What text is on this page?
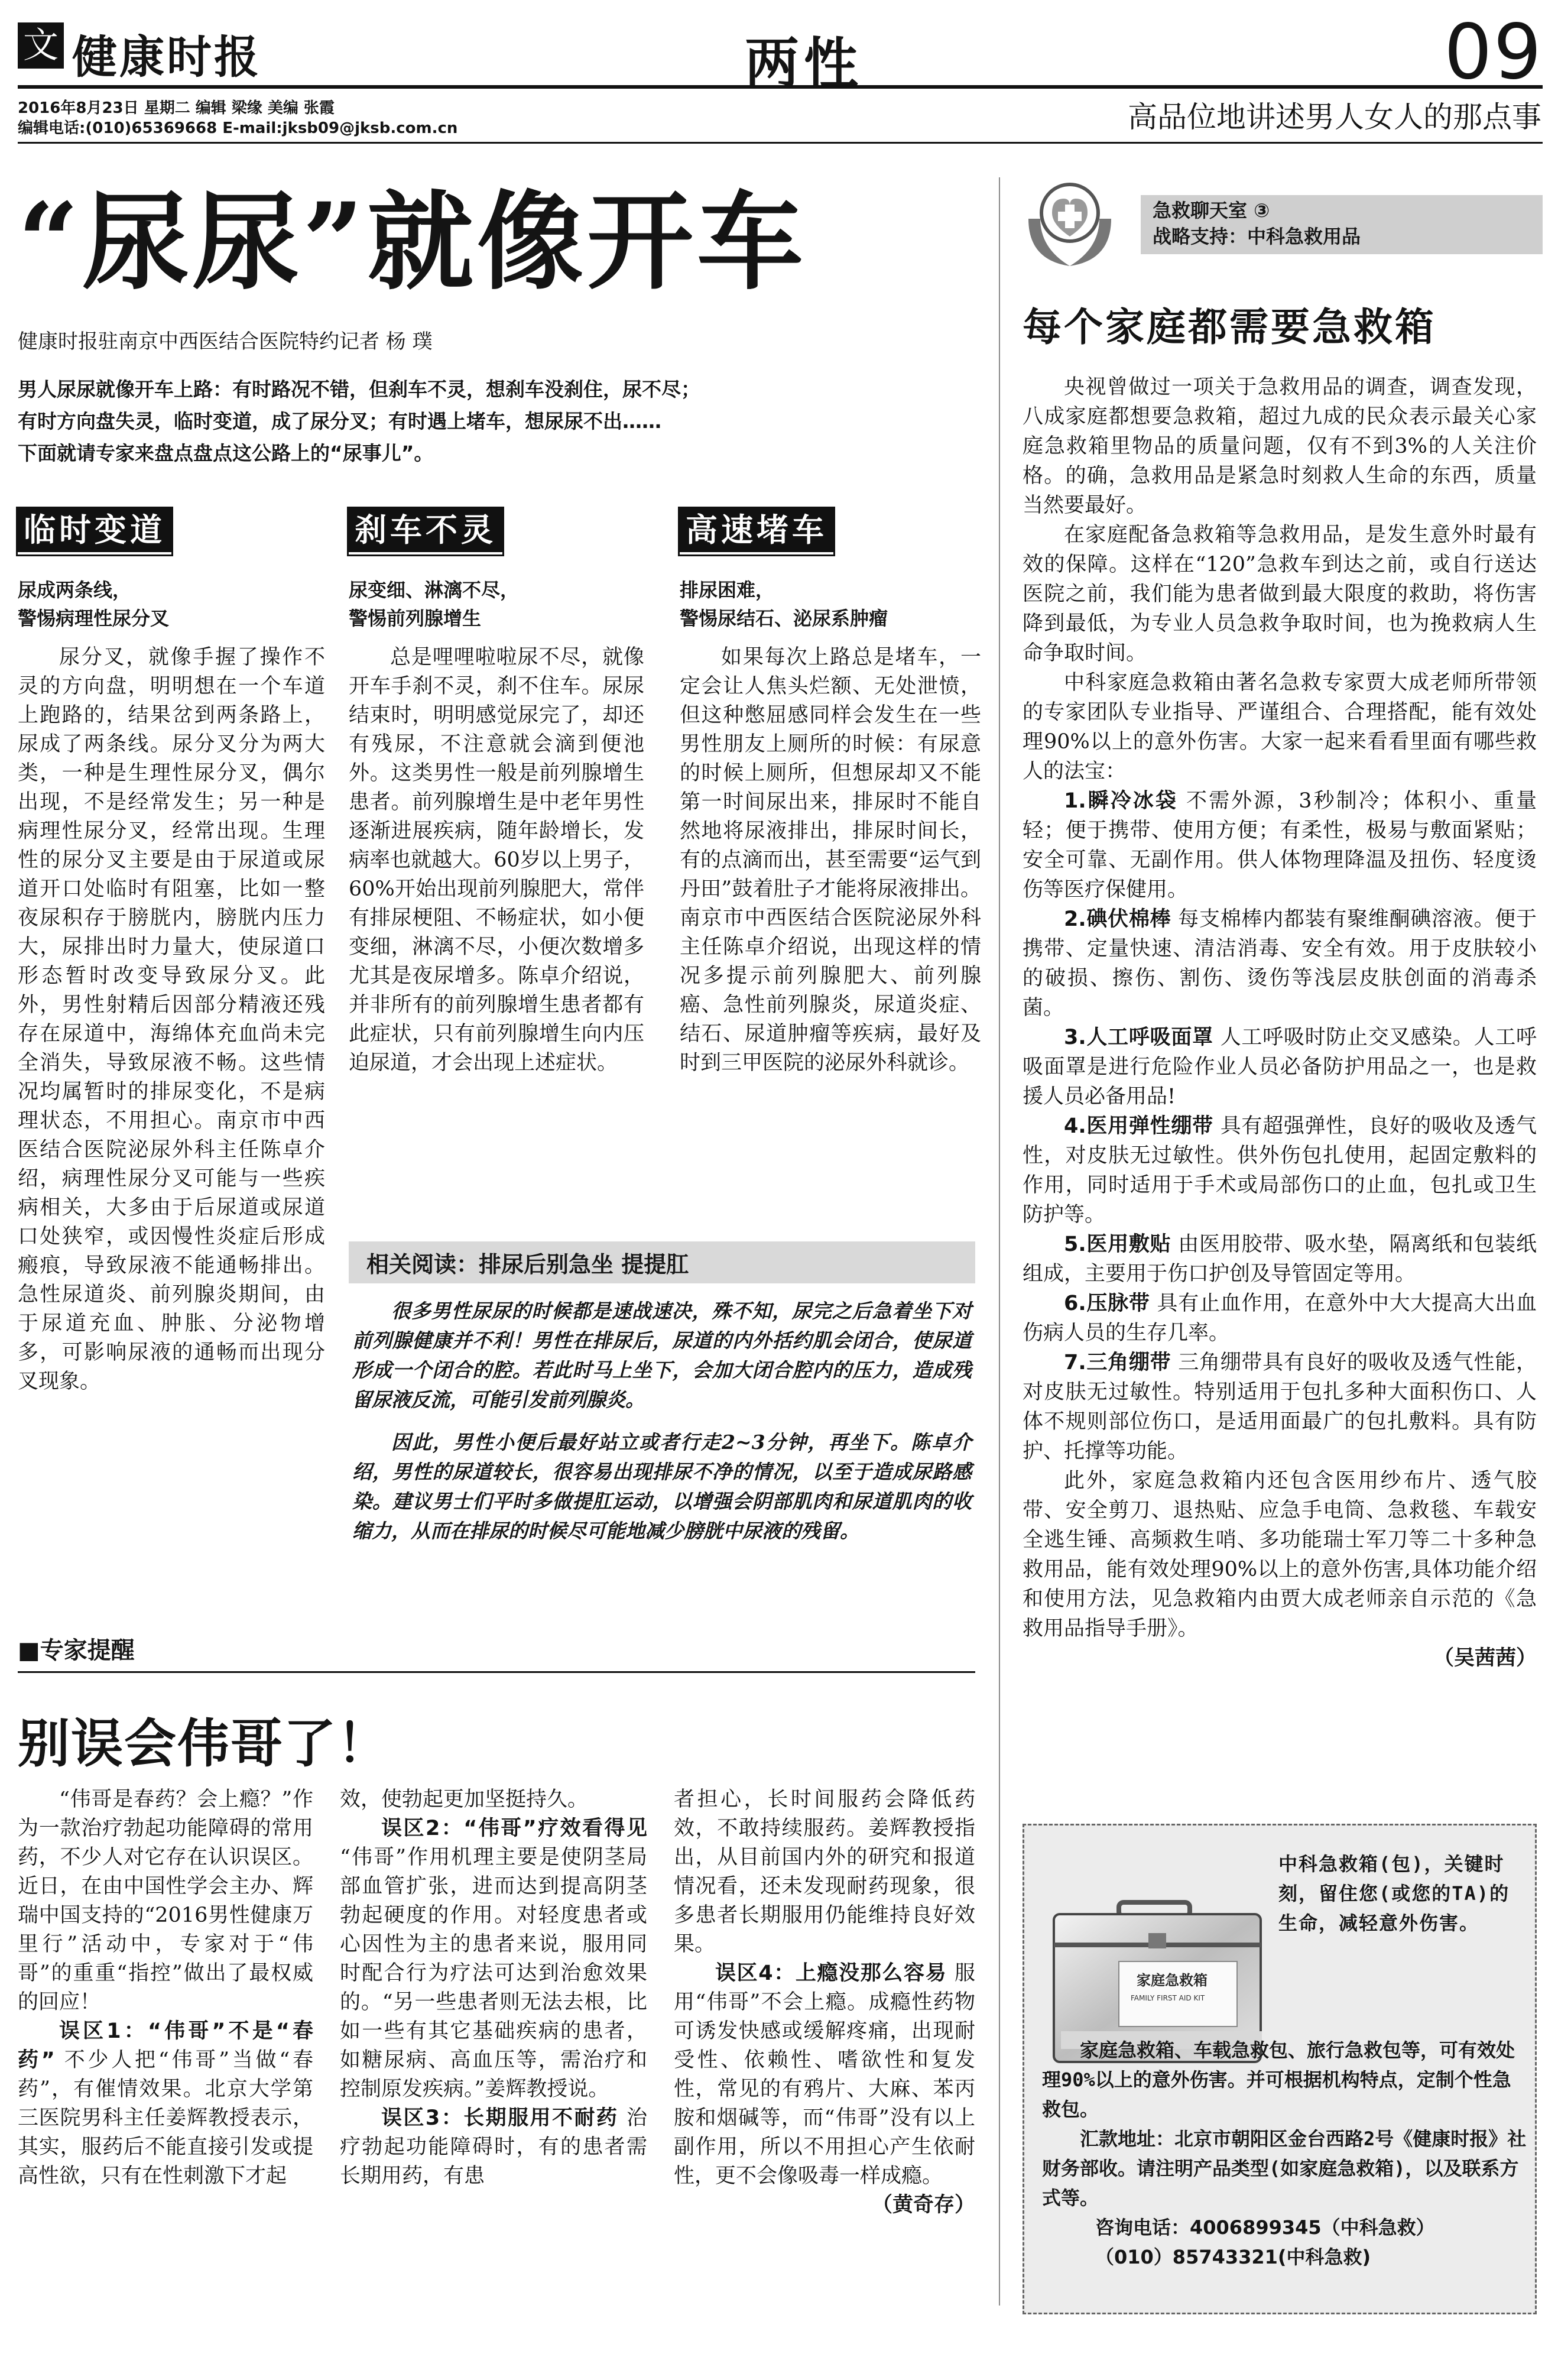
文 健康时报	两性	09
2016年8月23日 星期二 编辑 梁缘 美编 张霞
编辑电话:(010)65369668 E-mail:jksb09@jksb.com.cn	高品位地讲述男人女人的那点事
“尿尿”就像开车
健康时报驻南京中西医结合医院特约记者 杨 璞
男人尿尿就像开车上路：有时路况不错，但刹车不灵，想刹车没刹住，尿不尽；
有时方向盘失灵，临时变道，成了尿分叉；有时遇上堵车，想尿尿不出……
下面就请专家来盘点盘点这公路上的“尿事儿”。
临时变道
尿成两条线，
警惕病理性尿分叉

尿分叉，就像手握了操作不灵的方向盘，明明想在一个车道上跑路的，结果岔到两条路上，尿成了两条线。尿分叉分为两大类，一种是生理性尿分叉，偶尔出现，不是经常发生；另一种是病理性尿分叉，经常出现。生理性的尿分叉主要是由于尿道或尿道开口处临时有阻塞，比如一整夜尿积存于膀胱内，膀胱内压力大，尿排出时力量大，使尿道口形态暂时改变导致尿分叉。此外，男性射精后因部分精液还残存在尿道中，海绵体充血尚未完全消失，导致尿液不畅。这些情况均属暂时的排尿变化，不是病理状态，不用担心。南京市中西医结合医院泌尿外科主任陈卓介绍，病理性尿分叉可能与一些疾病相关，大多由于后尿道或尿道口处狭窄，或因慢性炎症后形成瘢痕，导致尿液不能通畅排出。急性尿道炎、前列腺炎期间，由于尿道充血、肿胀、分泌物增多，可影响尿液的通畅而出现分叉现象。

刹车不灵
尿变细、淋漓不尽，
警惕前列腺增生

总是哩哩啦啦尿不尽，就像开车手刹不灵，刹不住车。尿尿结束时，明明感觉尿完了，却还有残尿，不注意就会滴到便池外。这类男性一般是前列腺增生患者。前列腺增生是中老年男性逐渐进展疾病，随年龄增长，发病率也就越大。60岁以上男子，60%开始出现前列腺肥大，常伴有排尿梗阻、不畅症状，如小便变细，淋漓不尽，小便次数增多尤其是夜尿增多。陈卓介绍说，并非所有的前列腺增生患者都有此症状，只有前列腺增生向内压迫尿道，才会出现上述症状。

高速堵车
排尿困难，
警惕尿结石、泌尿系肿瘤

如果每次上路总是堵车，一定会让人焦头烂额、无处泄愤，但这种憋屈感同样会发生在一些男性朋友上厕所的时候：有尿意的时候上厕所，但想尿却又不能第一时间尿出来，排尿时不能自然地将尿液排出，排尿时间长，有的点滴而出，甚至需要“运气到丹田”鼓着肚子才能将尿液排出。南京市中西医结合医院泌尿外科主任陈卓介绍说，出现这样的情况多提示前列腺肥大、前列腺癌、急性前列腺炎，尿道炎症、结石、尿道肿瘤等疾病，最好及时到三甲医院的泌尿外科就诊。

相关阅读：排尿后别急坐 提提肛

很多男性尿尿的时候都是速战速决，殊不知，尿完之后急着坐下对前列腺健康并不利！男性在排尿后，尿道的内外括约肌会闭合，使尿道形成一个闭合的腔。若此时马上坐下，会加大闭合腔内的压力，造成残留尿液反流，可能引发前列腺炎。

因此，男性小便后最好站立或者行走2~3分钟，再坐下。陈卓介绍，男性的尿道较长，很容易出现排尿不净的情况，以至于造成尿路感染。建议男士们平时多做提肛运动，以增强会阴部肌肉和尿道肌肉的收缩力，从而在排尿的时候尽可能地减少膀胱中尿液的残留。

■专家提醒
别误会伟哥了！

“伟哥是春药？会上瘾？”作为一款治疗勃起功能障碍的常用药，不少人对它存在认识误区。近日，在由中国性学会主办、辉瑞中国支持的“2016男性健康万里行”活动中，专家对于“伟哥”的重重“指控”做出了最权威的回应！

误区1：“伟哥”不是“春药” 不少人把“伟哥”当做“春药”，有催情效果。北京大学第三医院男科主任姜辉教授表示，其实，服药后不能直接引发或提高性欲，只有在性刺激下才起

效，使勃起更加坚挺持久。

误区2：“伟哥”疗效看得见 “伟哥”作用机理主要是使阴茎局部血管扩张，进而达到提高阴茎勃起硬度的作用。对轻度患者或心因性为主的患者来说，服用同时配合行为疗法可达到治愈效果的。“另一些患者则无法去根，比如一些有其它基础疾病的患者，如糖尿病、高血压等，需治疗和控制原发疾病。”姜辉教授说。

误区3：长期服用不耐药 治疗勃起功能障碍时，有的患者需长期用药，有患

者担心，长时间服药会降低药效，不敢持续服药。姜辉教授指出，从目前国内外的研究和报道情况看，还未发现耐药现象，很多患者长期服用仍能维持良好效果。

误区4：上瘾没那么容易 服用“伟哥”不会上瘾。成瘾性药物可诱发快感或缓解疼痛，出现耐受性、依赖性、嗜欲性和复发性，常见的有鸦片、大麻、苯丙胺和烟碱等，而“伟哥”没有以上副作用，所以不用担心产生依耐性，更不会像吸毒一样成瘾。

（黄奇存）

急救聊天室 ③
战略支持：中科急救用品
每个家庭都需要急救箱

央视曾做过一项关于急救用品的调查，调查发现，八成家庭都想要急救箱，超过九成的民众表示最关心家庭急救箱里物品的质量问题，仅有不到3%的人关注价格。的确，急救用品是紧急时刻救人生命的东西，质量当然要最好。

在家庭配备急救箱等急救用品，是发生意外时最有效的保障。这样在“120”急救车到达之前，或自行送达医院之前，我们能为患者做到最大限度的救助，将伤害降到最低，为专业人员急救争取时间，也为挽救病人生命争取时间。

中科家庭急救箱由著名急救专家贾大成老师所带领的专家团队专业指导、严谨组合、合理搭配，能有效处理90%以上的意外伤害。大家一起来看看里面有哪些救人的法宝：

1.瞬冷冰袋 不需外源，3秒制冷；体积小、重量轻；便于携带、使用方便；有柔性，极易与敷面紧贴；安全可靠、无副作用。供人体物理降温及扭伤、轻度烫伤等医疗保健用。

2.碘伏棉棒 每支棉棒内都装有聚维酮碘溶液。便于携带、定量快速、清洁消毒、安全有效。用于皮肤较小的破损、擦伤、割伤、烫伤等浅层皮肤创面的消毒杀菌。

3.人工呼吸面罩 人工呼吸时防止交叉感染。人工呼吸面罩是进行危险作业人员必备防护用品之一，也是救援人员必备用品!

4.医用弹性绷带 具有超强弹性，良好的吸收及透气性，对皮肤无过敏性。供外伤包扎使用，起固定敷料的作用，同时适用于手术或局部伤口的止血，包扎或卫生防护等。

5.医用敷贴 由医用胶带、吸水垫，隔离纸和包装纸组成，主要用于伤口护创及导管固定等用。

6.压脉带 具有止血作用，在意外中大大提高大出血伤病人员的生存几率。

7.三角绷带 三角绷带具有良好的吸收及透气性能，对皮肤无过敏性。特别适用于包扎多种大面积伤口、人体不规则部位伤口，是适用面最广的包扎敷料。具有防护、托撑等功能。

此外，家庭急救箱内还包含医用纱布片、透气胶带、安全剪刀、退热贴、应急手电筒、急救毯、车载安全逃生锤、高频救生哨、多功能瑞士军刀等二十多种急救用品，能有效处理90%以上的意外伤害,具体功能介绍和使用方法，见急救箱内由贾大成老师亲自示范的《急救用品指导手册》。

（吴茜茜）

家庭急救箱
FAMILY FIRST AID KIT
中科急救箱(包)，关键时刻，留住您(或您的TA)的生命，减轻意外伤害。

家庭急救箱、车载急救包、旅行急救包等，可有效处理90%以上的意外伤害。并可根据机构特点，定制个性急救包。

汇款地址：北京市朝阳区金台西路2号《健康时报》社财务部收。请注明产品类型(如家庭急救箱)，以及联系方式等。

咨询电话：4006899345（中科急救）

（010）85743321(中科急救)
